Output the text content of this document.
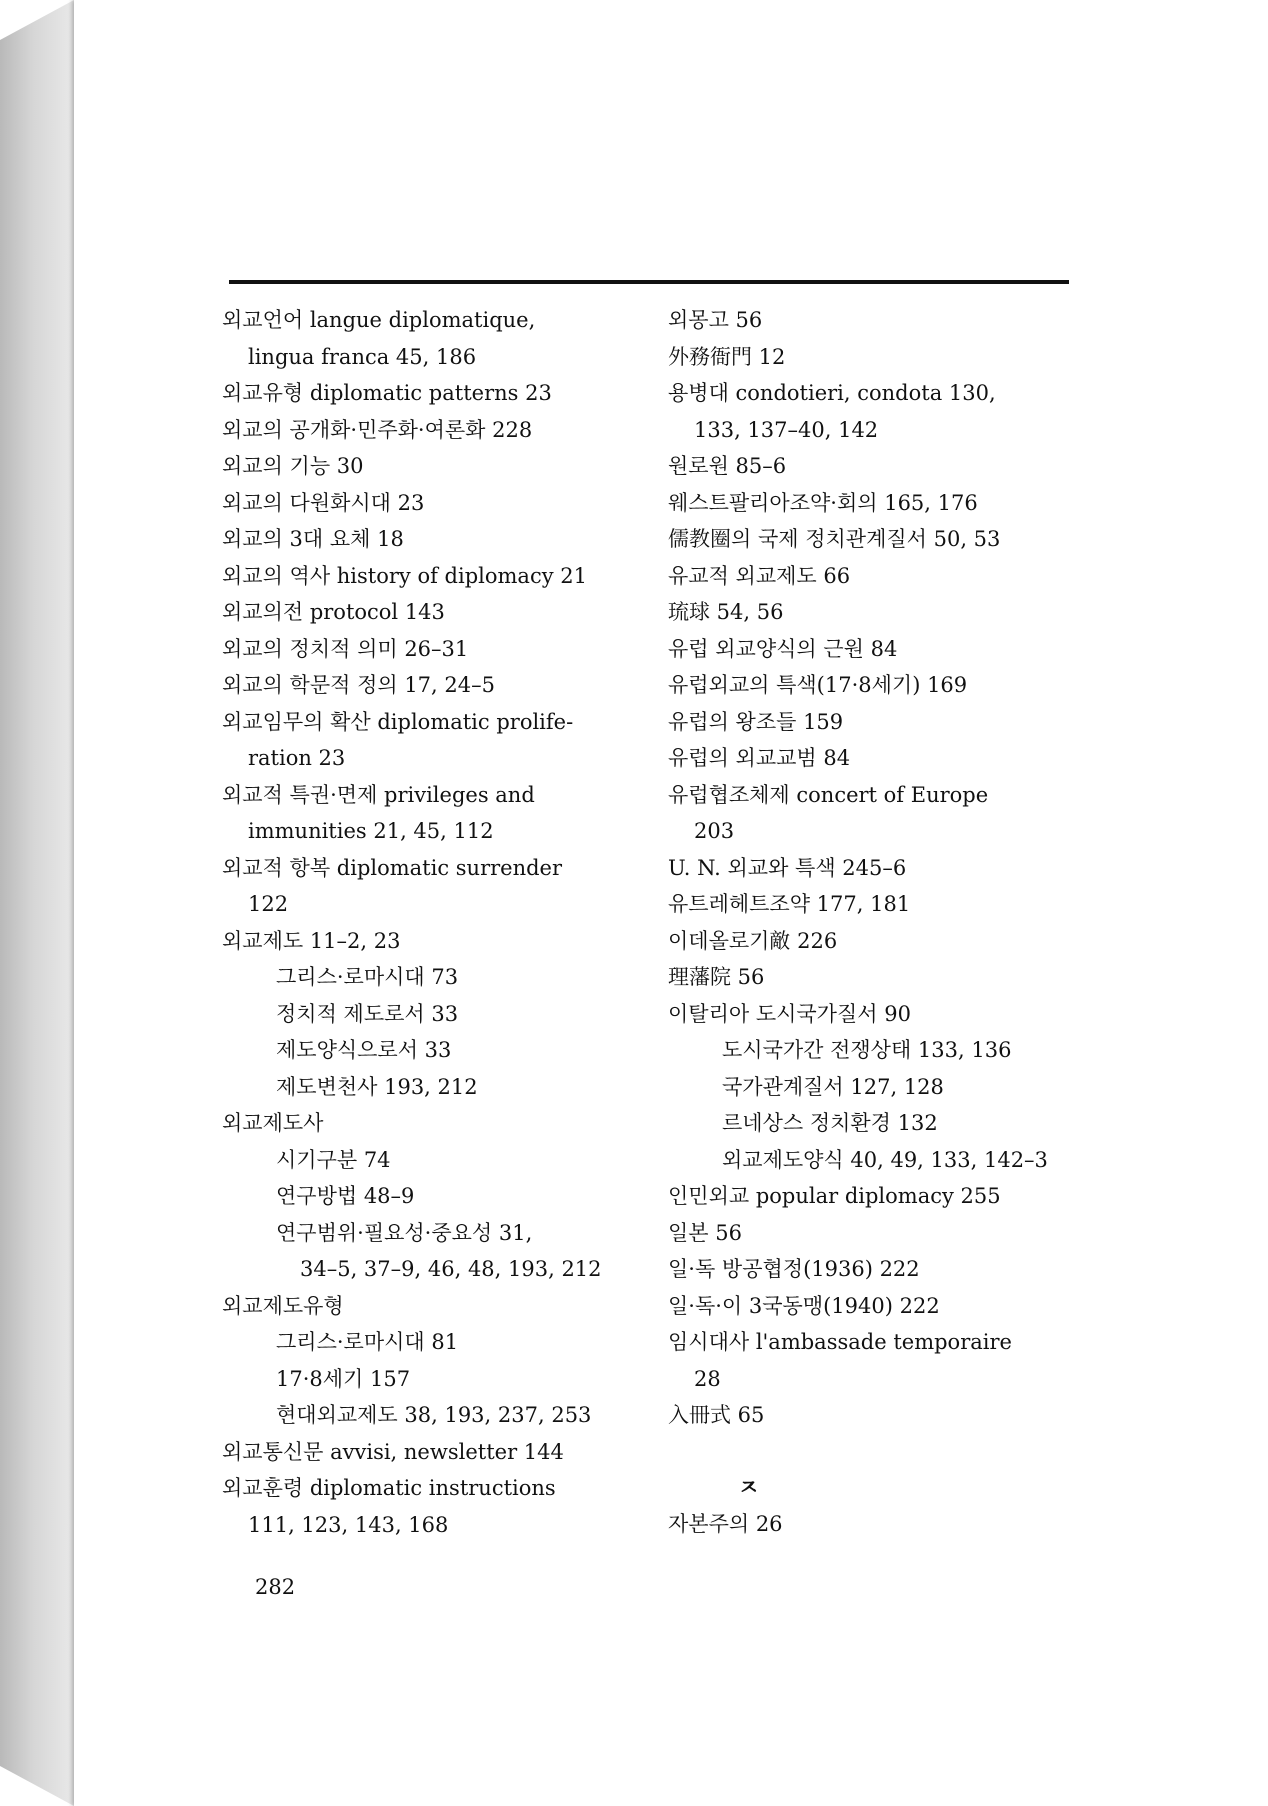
외교언어 langue diplomatique,
lingua franca 45, 186
외교유형 diplomatic patterns 23
외교의 공개화·민주화·여론화 228
외교의 기능 30
외교의 다원화시대 23
외교의 3대 요체 18
외교의 역사 history of diplomacy 21
외교의전 protocol 143
외교의 정치적 의미 26–31
외교의 학문적 정의 17, 24–5
외교임무의 확산 diplomatic prolife-
ration 23
외교적 특권·면제 privileges and
immunities 21, 45, 112
외교적 항복 diplomatic surrender
122
외교제도 11–2, 23
그리스·로마시대 73
정치적 제도로서 33
제도양식으로서 33
제도변천사 193, 212
외교제도사
시기구분 74
연구방법 48–9
연구범위·필요성·중요성 31,
34–5, 37–9, 46, 48, 193, 212
외교제도유형
그리스·로마시대 81
17·8세기 157
현대외교제도 38, 193, 237, 253
외교통신문 avvisi, newsletter 144
외교훈령 diplomatic instructions
111, 123, 143, 168
외몽고 56
外務衙門 12
용병대 condotieri, condota 130,
133, 137–40, 142
원로원 85–6
웨스트팔리아조약·회의 165, 176
儒教圈의 국제 정치관계질서 50, 53
유교적 외교제도 66
琉球 54, 56
유럽 외교양식의 근원 84
유럽외교의 특색(17·8세기) 169
유럽의 왕조들 159
유럽의 외교교범 84
유럽협조체제 concert of Europe
203
U. N. 외교와 특색 245–6
유트레헤트조약 177, 181
이데올로기敵 226
理藩院 56
이탈리아 도시국가질서 90
도시국가간 전쟁상태 133, 136
국가관계질서 127, 128
르네상스 정치환경 132
외교제도양식 40, 49, 133, 142–3
인민외교 popular diplomacy 255
일본 56
일·독 방공협정(1936) 222
일·독·이 3국동맹(1940) 222
임시대사 l'ambassade temporaire
28
入冊式 65
ㅈ
자본주의 26
282
